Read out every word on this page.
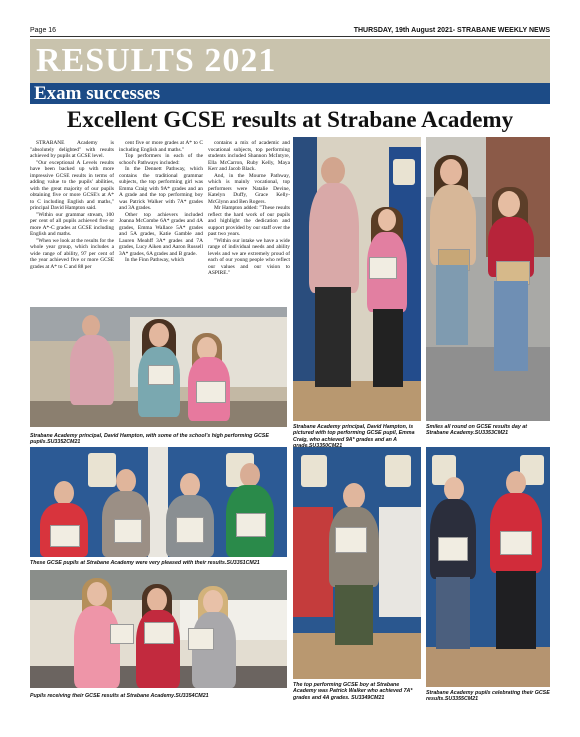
Page 16	THURSDAY, 19th August 2021- STRABANE WEEKLY NEWS
RESULTS 2021
Exam successes
Excellent GCSE results at Strabane Academy

STRABANE Academy is "absolutely delighted" with results achieved by pupils at GCSE level.

"Our exceptional A Levels results have been backed up with more impressive GCSE results in terms of adding value to the pupils' abilities, with the great majority of our pupils obtaining five or more GCSE's at A* to C including English and maths," principal David Hampton said.

"Within our grammar stream, 100 per cent of all pupils achieved five or more A*-C grades at GCSE including English and maths.

"When we look at the results for the whole year group, which includes a wide range of ability, 97 per cent of the year achieved five or more GCSE grades at A* to C and 88 per

cent five or more grades at A* to C including English and maths."

Top performers in each of the school's Pathways included:

In the Dennett Pathway, which contains the traditional grammar subjects, the top performing girl was Emma Craig with 9A* grades and an A grade and the top performing boy was Patrick Walker with 7A* grades and 3A grades.

Other top achievers included Joanna McCombe 6A* grades and 4A grades, Emma Wallace 5A* grades and 5A grades, Katie Gamble and Lauren Meahff 3A* grades and 7A grades, Lucy Aiken and Aaron Russell 3A* grades, 6A grades and B grade.

In the Finn Pathway, which

contains a mix of academic and vocational subjects, top performing students included Shannon McIntyre, Ella McCarron, Ruby Kelly, Maya Kerr and Jacob Black.

And, in the Mourne Pathway, which is mainly vocational, top performers were Natalie Devine, Katelyn Duffy, Grace Kelly-McGlynn and Ben Rogers.

Mr Hampton added: "These results reflect the hard work of our pupils and highlight the dedication and support provided by our staff over the past two years.

"Within our intake we have a wide range of individual needs and ability levels and we are extremely proud of each of our young people who reflect our values and our vision to ASPIRE."

Strabane Academy principal, David Hampton, with some of the school's high performing GCSE pupils.SU3352CM21
Strabane Academy principal, David Hampton, is pictured with top performing GCSE pupil, Emma Craig, who achieved 9A* grades and an A
Smiles all round on GCSE results day at Strabane Academy.SU3353CM21
These GCSE pupils at Strabane Academy were very pleased with their results.SU3351CM21
Pupils receiving their GCSE results at Strabane Academy.SU3354CM21
The top performing GCSE boy at Strabane Academy was Patrick Walker who achieved 7A* grades and 4A grades. SU3349CM21
Strabane Academy pupils celebrating their GCSE results.SU3355CM21
